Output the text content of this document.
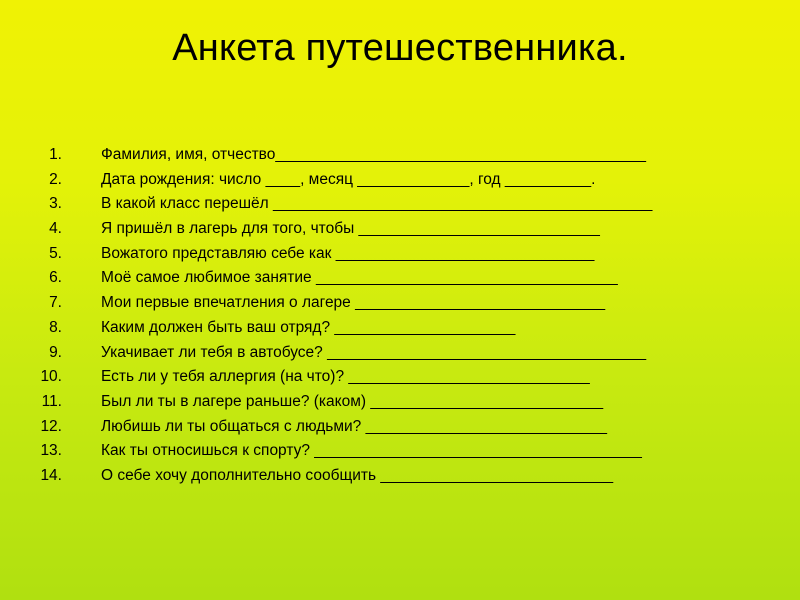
Анкета путешественника.
1.	Фамилия, имя, отчество___________________________________________
2.	Дата рождения: число ____, месяц _____________, год __________.
3.	В какой класс перешёл ____________________________________________
4.	Я пришёл в лагерь для того, чтобы ____________________________
5.	Вожатого представляю себе как ______________________________
6.	Моё самое любимое занятие ___________________________________
7.	Мои первые впечатления о лагере _____________________________
8.	Каким должен быть ваш отряд? _____________________
9.	Укачивает ли тебя в автобусе? _____________________________________
10.	Есть ли у тебя аллергия (на что)? ____________________________
11.	Был ли ты в лагере раньше? (каком) ___________________________
12.	Любишь ли ты общаться с людьми? ____________________________
13.	Как ты относишься к спорту? ______________________________________
14.	О себе хочу дополнительно сообщить ___________________________
